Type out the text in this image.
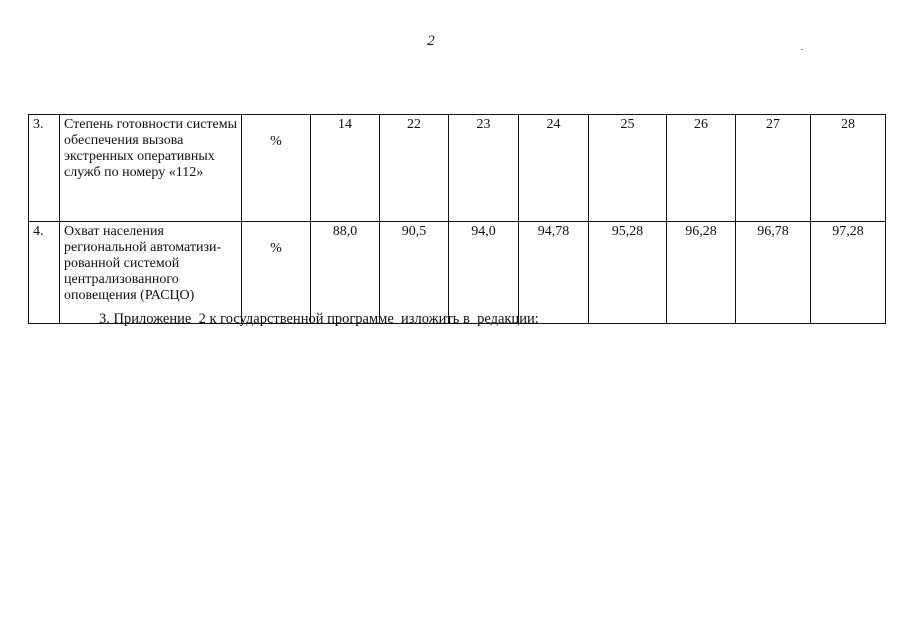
2
3.	Степень готовности системы обеспечения вызова экстренных оперативных служб по номеру «112»	%	14	22	23	24	25	26	27	28
4.	Охват населения региональной автоматизи-рованной системой централизованного оповещения (РАСЦО)	%	88,0	90,5	94,0	94,78	95,28	96,28	96,78	97,28
3. Приложение  2 к государственной программе  изложить в  редакции:
